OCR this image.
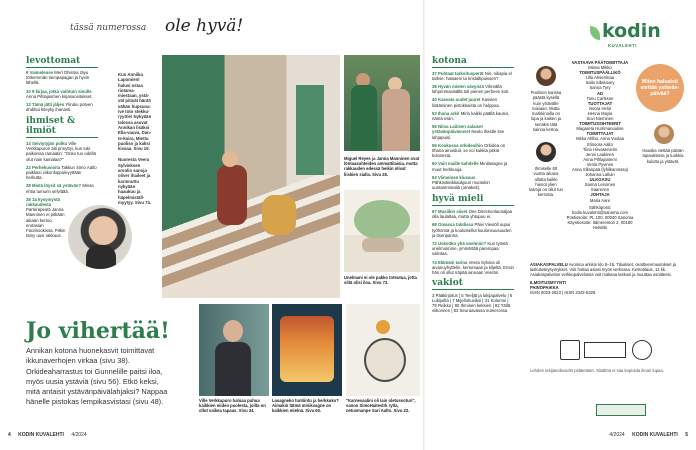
tässä numerossa ole hyvä!
levottomat
9 Vaimeleuse Merl Ohisma räyu törkemmän tiempapagan ja hyvin lähellä.
10 9 kirjaa, jotka vaihtuin sinulle Anna Pihlajasmen kirjasuositukset.
13 Tämä jätti jäljen Yliruku potven ahdittui kiteyky ihanasti.
ihmiset & ilmiöt
14 Seiviytyjän polku Ville Verkkapuron äiti pnnyttyi, kun tuki paikoissa ramaatin: "Onko tuo edellä olut nain kamalaa?"
22 Perhekuvioita Takkun Simo Aalto paikkasi viikonloppuleyyttään herkutta.
28 Mistä löysit sä ystävän? Missa ehtia tumurin selvittää.
28 14 kysymystä rakkaudesta Parterapeutti Janna Manninen ei pitkään aikaan kertoo erotasian Facebookissa. Pitkin tarvy uusi rakkaus.

Kun Anniika Lapomienl halusi ostaa riotamamiestaan, ystävät pitivät häntä vähän hupsuna: ive toto stekkuryyttie! Nykyään talossa asuvat Annikan lisäksi Elia-vauva, Dante-koira, Miettu puoliso ja kaksi kissaa. Sivu 16.

Nuoresta Veera Sylvieksen arvolin sanoja oliver ihaileet ja karmnuttu nykyään haaukuu ja häpelmiställmyytyy. Sivu 74.

Jo vihertää!
Annikan kotona huonekasvit toimittavat ikkunaverhojen virkaa (sivu 38). Orkideaharrastus toi Gunnelille paitsi iloa, myös uusia ystäviä (sivu 56). Etkö keksi, mitä antaisit ystävänpäivälahjaksi? Nappaa hänelle pistokas lempikasvistasi (sivu 48).
Miguel Reyes ja Janna Manninen ovat löntaasuhteiden ammattilaisia, mutta rakkauden edessä heikin olivat liiskien sialla. Sivu 28.
Unelmani ei ole pakko toteutua, jotta siitä olisi iloa. Sivu 72.
Ville Verkkapuro haluaa puhua kaikkien niiden puolesta, joilta on ollut vaikea tapaus. Sivu 34.
Lasagneko tuntiintu ja herkkuko? Aimakin tätmä miniksagne on kaikkien mielnä. Sivu 60.
"Karnevaalini oli Iain oletussoturi", sanoo SimoHaiteslrk rytla, netusmanpe Sari Aalto. Sivu 22.
kotona
37 Puhtaat tarkoitusperät Nin, nikapia el tarkse: haisaeni ta kristallipuissen?
38 Hyvän mielen sävyistä Vihreällä lahjommasisällä tuli pienen perheen koti.
40 Kasvata uudet juuret Kasvien lisääminen pistokkaista on helppoa.
53 Ihana arki! Mirlo kaikki päällä kaunis, nämä esiin.
56 Niina Laitisen salaiset ystävänpäivävuset Neulo ihastle itse lahjapuisi.
56 Koukussa orkideoihin Orkidea on tihana ainoiduit, se voi kukkia pitkiä kulosesta.
60 Vain maille kahdelle Minilasagne ja muut herkkuuja.
63 Viimeinen kiusaus Pähkinäleikkaukjuuri muotokin uuntamminaliä (omakeit).
hyvä mieli
67 Musiikin siivet One Directionlaunaljaa olla laulaltaa, mutta yhtupuu ei.
68 Omassa tahdissa Päivi Vieviöll uupui työhönsä ja koulutsellut kuulonsuusuuden ja itsenpanna.
72 Uskoitko yhä unelmiin? Kun työstä unelmoimme, ymmärtää parempaa valintaa.
74 Elämäni tarina Veera Sylviva oli aivanuyhyttelin, kertumaan ja kiljeltä. Ensin hän oli ollut näpää ainoaan Veerän.
vakiot
3 Pääkirjoitus | 5 Teeljät ja lukijapalvelu | 6 Lukijoilta | 7 Mijelluhuviksi | 31 Kolumni | 79 Reikko | 80 Ihmisen keksien | 82 Tällä viikonnen | 83 Seuraavassa numerossa
kodin
KUVALEHTI
Puolison kanssa päästä kysellä kuin ystävälle toisiaan. Mutta markkinoilla on lupa ja kaiken ja senäkin tätä sainoa kertoa.
Ihmiselle 60 vuotta aikana ollutta kaikki hienot ylien talvoja on ollut tuo kerrosta.
VASTAAVA PÄÄTOIMITTAJA
Minna Mikko
TOIMITUSPÄÄLLIKÖ
Ulla Ahsenmaa
Saila Sibelauey
Sanna Tyry
AD
Tonu Carlsson
TUOTTAJAT
Noora Helol
Henna Mayla
Suvi Nieminen
TOIMITUSSIHTEERIT
Magareta Hurrimanuukse
TOIMITTAJAT
Mirka Ahlbo, Anna Vuolaa
Elinoora Aalto
Tiina Hirvaseniemi
Jenni Laakinen
Anna Pihlajaniemi
Venla Pyvinen
Anna Sillanpää (lyhilkamossa)
Johanna Lalluin
ULKOASU
Sanna Leinonen
Saarenen
JOHTAJA
Maria Aare
Sähköposti: kodin.kuvalehti@sanoma.com Postiosoite: PL 100, 00040 Sanoma Käyntiosoite: Itämerentori 2, 00180 Helsinki
Miten haluaisit viettää ystävänpäivää?
Hauska viettää päivän tapauksissa ja tuokkia kulutta ja ystävät.
ASIAKASPALVELU Avoinna arkisin klo 8–16. Tilaukset, osoitteenmuutokset ja laskutuskysymykset. Voit hoitaa asiasi myös verkossa. Kestotilaus, 12 kk. Asiakaspalvelun verkkopalvelussa voit maksaa laskusi ja muuttaa osoitteesi.
ILMOITUSMYYNTI
PAINOPAIKKA
ISSN 0023-2623 | ISSN 2342-5326
Lehden tekijänoikeudet pidätetään. Sisältöä ei saa kopioida ilman lupaa.
4 KODIN KUVALEHTI 4/2024	4/2024 KODIN KUVALEHTI 5
